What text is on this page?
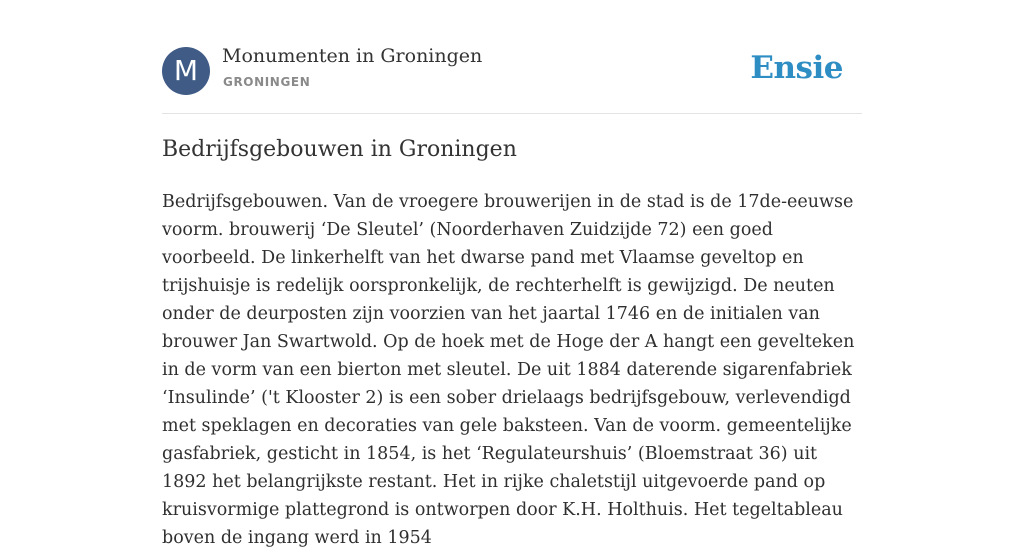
M	Monumenten in Groningen
GRONINGEN	Ensie
Bedrijfsgebouwen in Groningen

Bedrijfsgebouwen. Van de vroegere brouwerijen in de stad is de 17de-eeuwse voorm. brouwerij ‘De Sleutel’ (Noorderhaven Zuidzijde 72) een goed voorbeeld. De linkerhelft van het dwarse pand met Vlaamse geveltop en trijshuisje is redelijk oorspronkelijk, de rechterhelft is gewijzigd. De neuten onder de deurposten zijn voorzien van het jaartal 1746 en de initialen van brouwer Jan Swartwold. Op de hoek met de Hoge der A hangt een gevelteken in de vorm van een bierton met sleutel. De uit 1884 daterende sigarenfabriek ‘Insulinde’ ('t Klooster 2) is een sober drielaags bedrijfsgebouw, verlevendigd met speklagen en decoraties van gele baksteen. Van de voorm. gemeentelijke gasfabriek, gesticht in 1854, is het ‘Regulateurshuis’ (Bloemstraat 36) uit 1892 het belangrijkste restant. Het in rijke chaletstijl uitgevoerde pand op kruisvormige plattegrond is ontworpen door K.H. Holthuis. Het tegeltableau boven de ingang werd in 1954
